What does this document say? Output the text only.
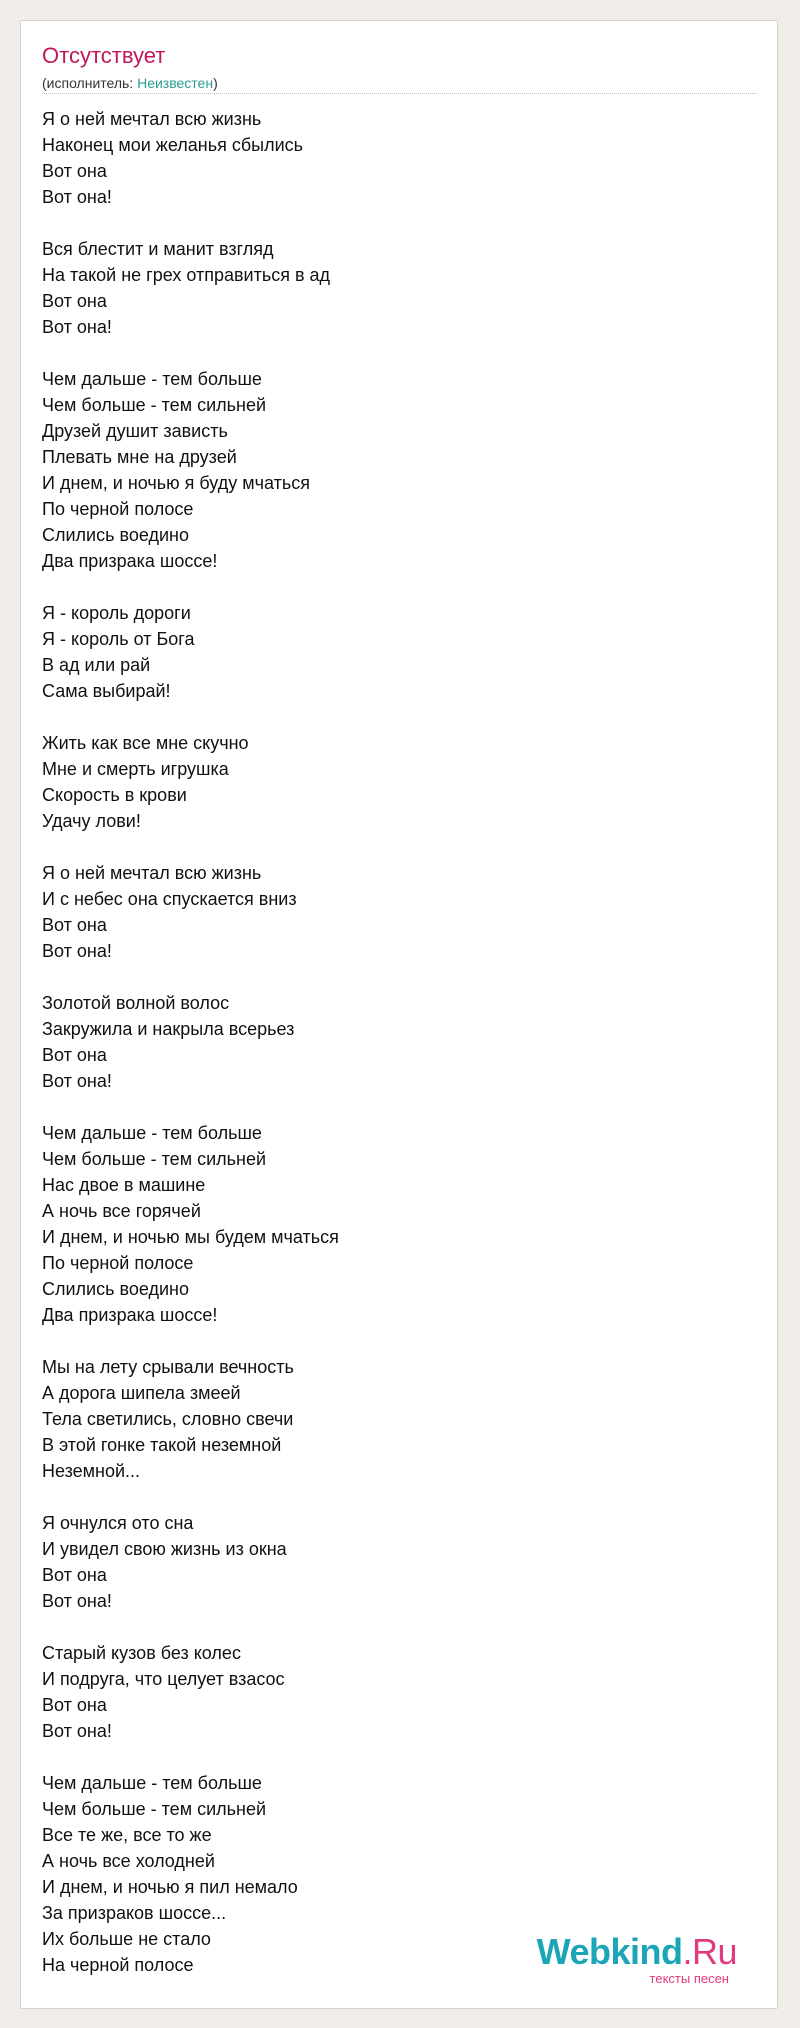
Отсутствует
(исполнитель: Неизвестен)
Я о ней мечтал всю жизнь
Наконец мои желанья сбылись
Вот она
Вот она!
Вся блестит и манит взгляд
На такой не грех отправиться в ад
Вот она
Вот она!
Чем дальше - тем больше
Чем больше - тем сильней
Друзей душит зависть
Плевать мне на друзей
И днем, и ночью я буду мчаться
По черной полосе
Слились воедино
Два призрака шоссе!
Я - король дороги
Я - король от Бога
В ад или рай
Сама выбирай!
Жить как все мне скучно
Мне и смерть игрушка
Скорость в крови
Удачу лови!
Я о ней мечтал всю жизнь
И с небес она спускается вниз
Вот она
Вот она!
Золотой волной волос
Закружила и накрыла всерьез
Вот она
Вот она!
Чем дальше - тем больше
Чем больше - тем сильней
Нас двое в машине
А ночь все горячей
И днем, и ночью мы будем мчаться
По черной полосе
Слились воедино
Два призрака шоссе!
Мы на лету срывали вечность
А дорога шипела змеей
Тела светились, словно свечи
В этой гонке такой неземной
Неземной...
Я очнулся ото сна
И увидел свою жизнь из окна
Вот она
Вот она!
Старый кузов без колес
И подруга, что целует взасос
Вот она
Вот она!
Чем дальше - тем больше
Чем больше - тем сильней
Все те же, все то же
А ночь все холодней
И днем, и ночью я пил немало
За призраков шоссе...
Их больше не стало
На черной полосе	Webkind.Ru
тексты песен
